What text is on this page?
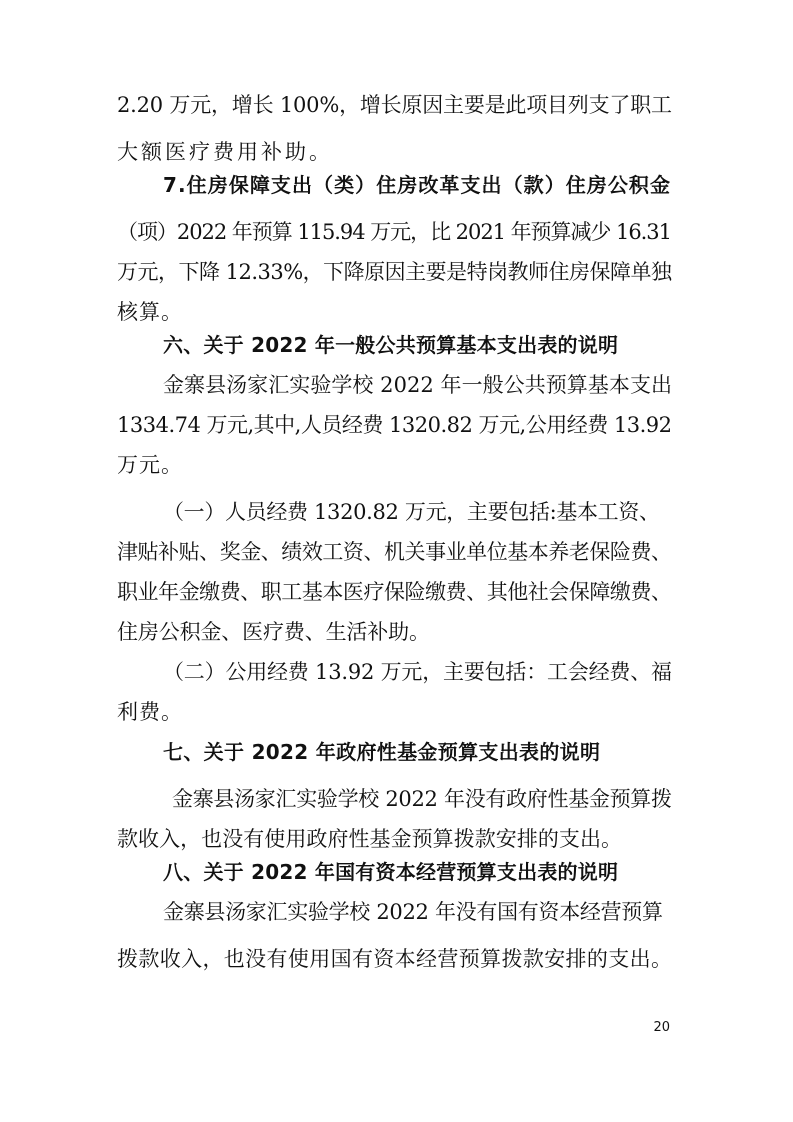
2.20 万元，增长 100%，增长原因主要是此项目列支了职工
大额医疗费用补助。
7.住房保障支出（类）住房改革支出（款）住房公积金
（项）2022 年预算 115.94 万元，比 2021 年预算减少 16.31
万元，下降 12.33%，下降原因主要是特岗教师住房保障单独
核算。
六、关于 2022 年一般公共预算基本支出表的说明
金寨县汤家汇实验学校 2022 年一般公共预算基本支出
1334.74 万元,其中,人员经费 1320.82 万元,公用经费 13.92
万元。
（一）人员经费 1320.82 万元，主要包括:基本工资、
津贴补贴、奖金、绩效工资、机关事业单位基本养老保险费、
职业年金缴费、职工基本医疗保险缴费、其他社会保障缴费、
住房公积金、医疗费、生活补助。
（二）公用经费 13.92 万元，主要包括：工会经费、福
利费。
七、关于 2022 年政府性基金预算支出表的说明
金寨县汤家汇实验学校 2022 年没有政府性基金预算拨
款收入，也没有使用政府性基金预算拨款安排的支出。
八、关于 2022 年国有资本经营预算支出表的说明
金寨县汤家汇实验学校 2022 年没有国有资本经营预算
拨款收入，也没有使用国有资本经营预算拨款安排的支出。
20
